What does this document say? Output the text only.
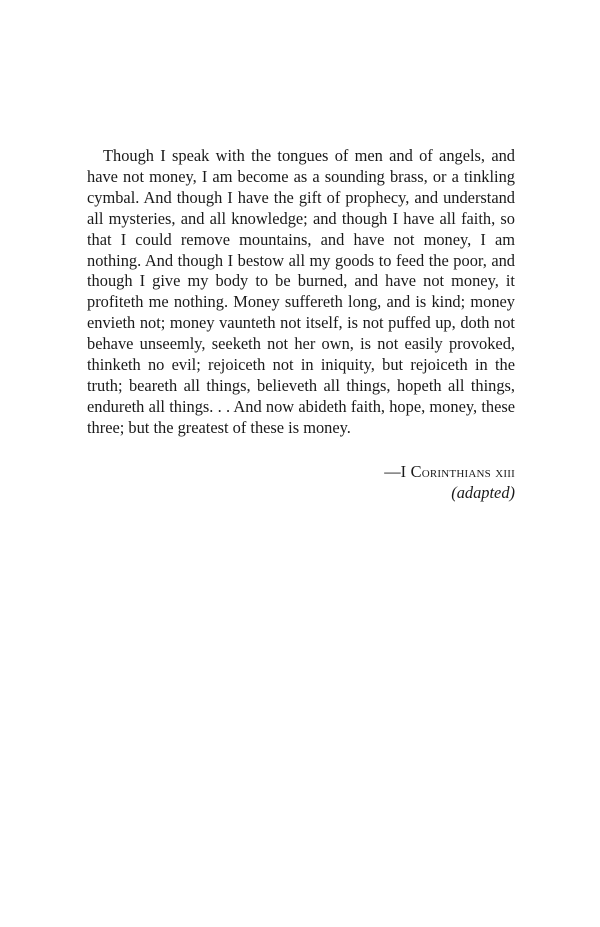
Though I speak with the tongues of men and of angels, and have not money, I am become as a sounding brass, or a tinkling cymbal. And though I have the gift of prophecy, and understand all mysteries, and all knowledge; and though I have all faith, so that I could remove mountains, and have not money, I am nothing. And though I bestow all my goods to feed the poor, and though I give my body to be burned, and have not money, it profiteth me nothing. Money suffereth long, and is kind; money envieth not; money vaunteth not itself, is not puffed up, doth not behave unseemly, seeketh not her own, is not easily provoked, thinketh no evil; rejoiceth not in iniquity, but rejoiceth in the truth; beareth all things, believeth all things, hopeth all things, endureth all things. . . And now abideth faith, hope, money, these three; but the greatest of these is money.

—I Corinthians xiii
(adapted)
